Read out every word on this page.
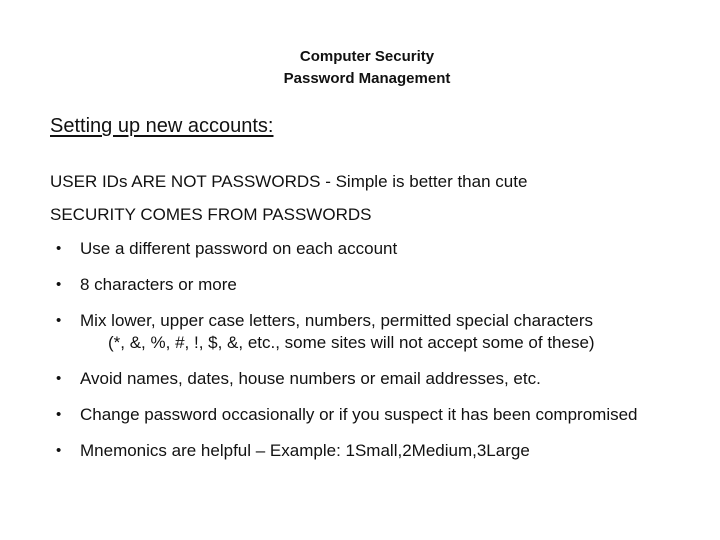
Computer Security
Password Management
Setting up new accounts:
USER IDs ARE NOT PASSWORDS - Simple is better than cute
SECURITY COMES FROM PASSWORDS
• Use a different password on each account
• 8 characters or more
• Mix lower, upper case letters, numbers, permitted special characters
(*, &, %, #, !, $, &, etc., some sites will not accept some of these)
• Avoid names, dates, house numbers or email addresses, etc.
• Change password occasionally or if you suspect it has been compromised
• Mnemonics are helpful – Example: 1Small,2Medium,3Large
